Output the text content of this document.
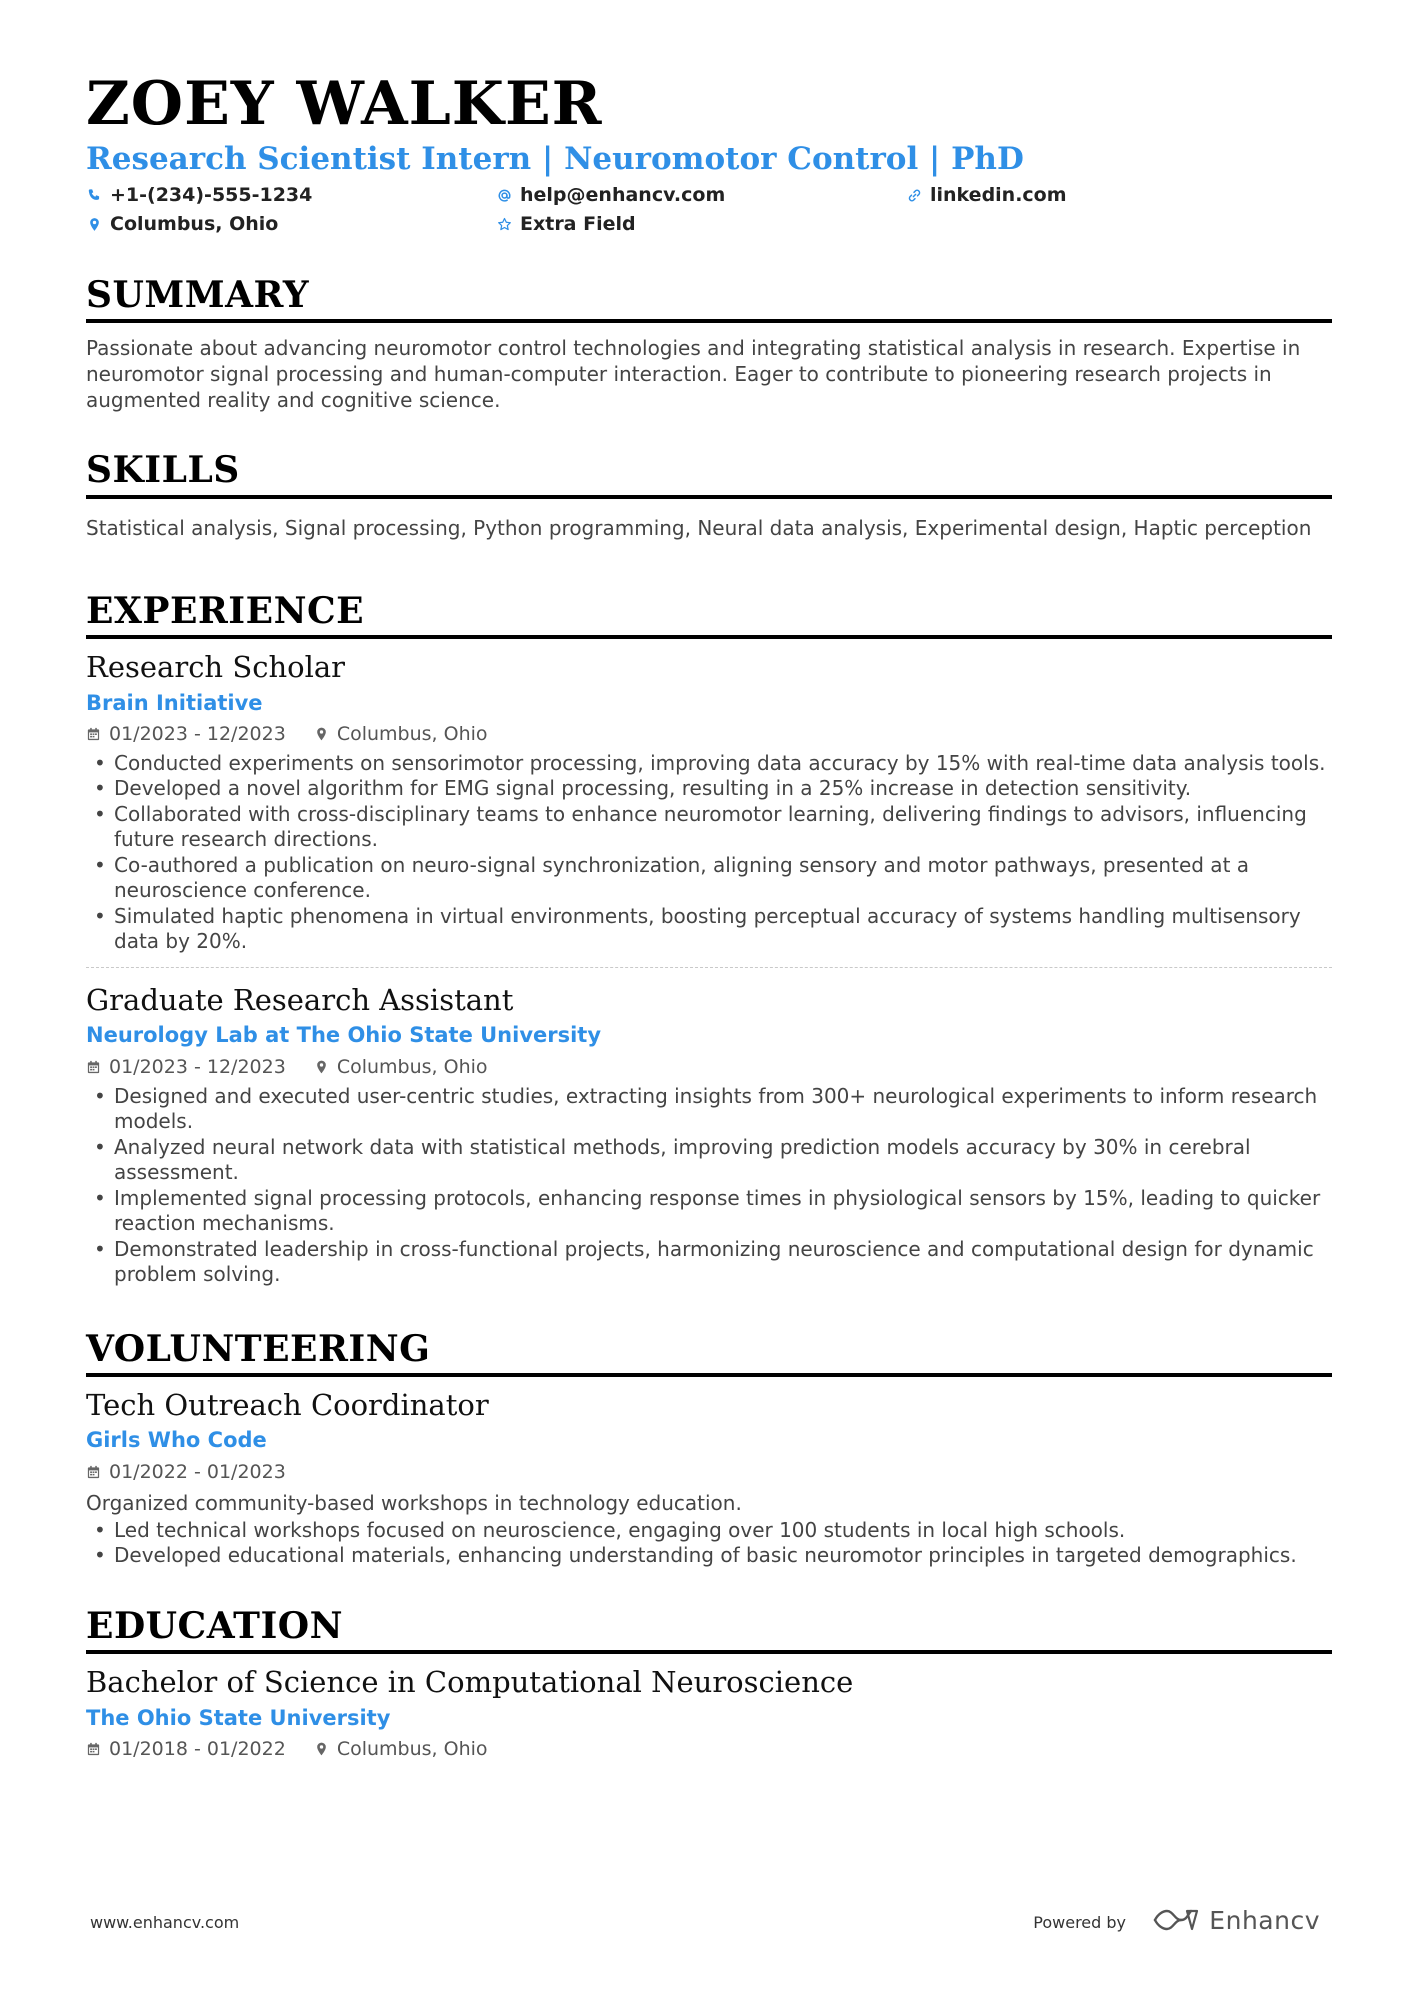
ZOEY WALKER
Research Scientist Intern | Neuromotor Control | PhD
+1-(234)-555-1234	help@enhancv.com	linkedin.com
Columbus, Ohio	Extra Field
SUMMARY

Passionate about advancing neuromotor control technologies and integrating statistical analysis in research. Expertise in neuromotor signal processing and human-computer interaction. Eager to contribute to pioneering research projects in augmented reality and cognitive science.

SKILLS

Statistical analysis, Signal processing, Python programming, Neural data analysis, Experimental design, Haptic perception

EXPERIENCE
Research Scholar
Brain Initiative
01/2023 - 12/2023	Columbus, Ohio
• Conducted experiments on sensorimotor processing, improving data accuracy by 15% with real-time data analysis tools.
• Developed a novel algorithm for EMG signal processing, resulting in a 25% increase in detection sensitivity.
• Collaborated with cross-disciplinary teams to enhance neuromotor learning, delivering findings to advisors, influencing future research directions.
• Co-authored a publication on neuro-signal synchronization, aligning sensory and motor pathways, presented at a neuroscience conference.
• Simulated haptic phenomena in virtual environments, boosting perceptual accuracy of systems handling multisensory data by 20%.
Graduate Research Assistant
Neurology Lab at The Ohio State University
01/2023 - 12/2023	Columbus, Ohio
• Designed and executed user-centric studies, extracting insights from 300+ neurological experiments to inform research models.
• Analyzed neural network data with statistical methods, improving prediction models accuracy by 30% in cerebral assessment.
• Implemented signal processing protocols, enhancing response times in physiological sensors by 15%, leading to quicker reaction mechanisms.
• Demonstrated leadership in cross-functional projects, harmonizing neuroscience and computational design for dynamic problem solving.
VOLUNTEERING
Tech Outreach Coordinator
Girls Who Code
01/2022 - 01/2023
Organized community-based workshops in technology education.
• Led technical workshops focused on neuroscience, engaging over 100 students in local high schools.
• Developed educational materials, enhancing understanding of basic neuromotor principles in targeted demographics.
EDUCATION
Bachelor of Science in Computational Neuroscience
The Ohio State University
01/2018 - 01/2022	Columbus, Ohio
www.enhancv.com	Powered by	Enhancv
